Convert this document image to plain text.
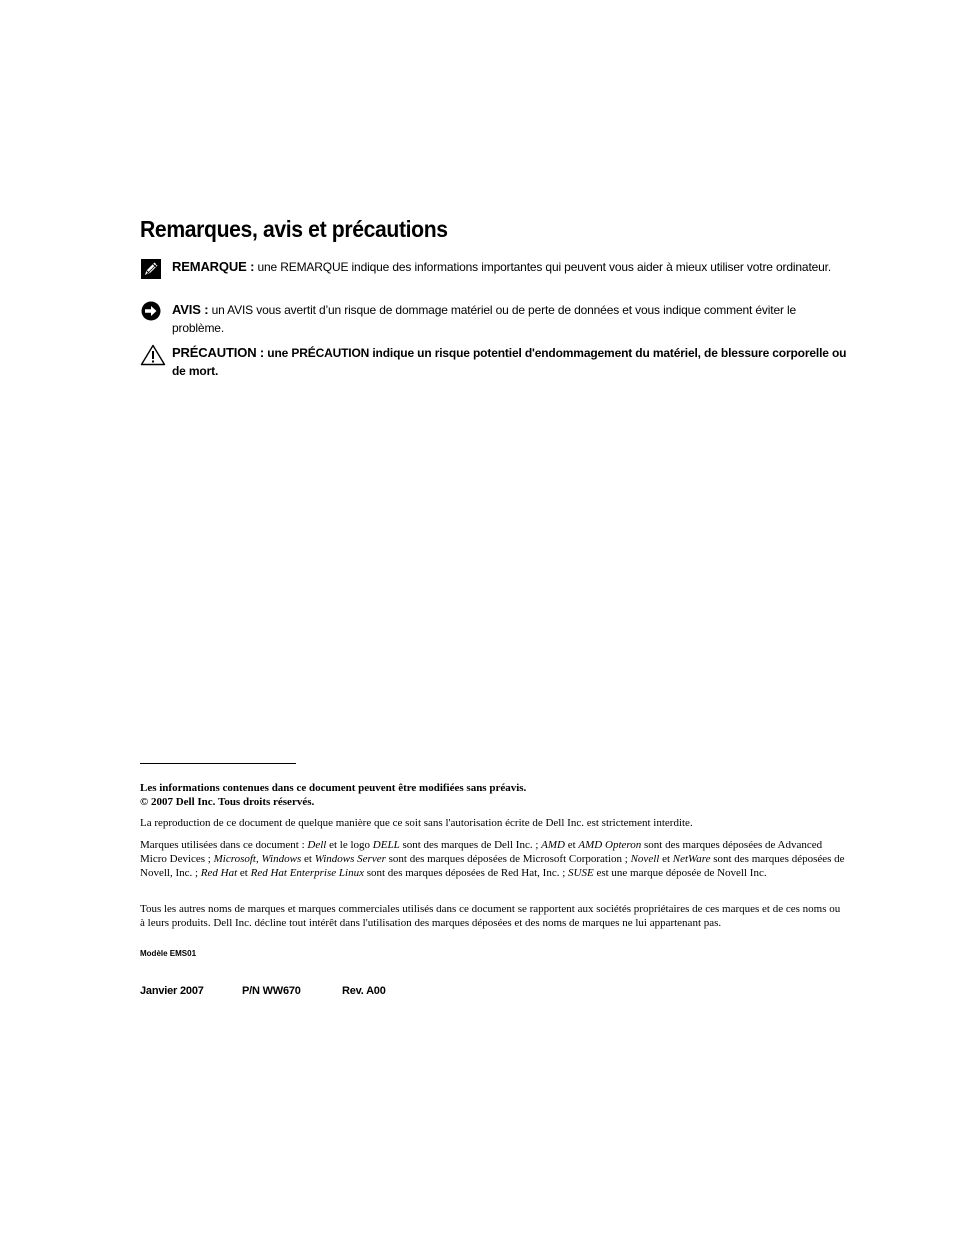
Remarques, avis et précautions
REMARQUE : une REMARQUE indique des informations importantes qui peuvent vous aider à mieux utiliser votre ordinateur.
AVIS : un AVIS vous avertit d’un risque de dommage matériel ou de perte de données et vous indique comment éviter le problème.
PRÉCAUTION : une PRÉCAUTION indique un risque potentiel d'endommagement du matériel, de blessure corporelle ou de mort.

Les informations contenues dans ce document peuvent être modifiées sans préavis.

© 2007 Dell Inc. Tous droits réservés.

La reproduction de ce document de quelque manière que ce soit sans l'autorisation écrite de Dell Inc. est strictement interdite.

Marques utilisées dans ce document : Dell et le logo DELL sont des marques de Dell Inc. ; AMD et AMD Opteron sont des marques déposées de Advanced Micro Devices ; Microsoft, Windows et Windows Server sont des marques déposées de Microsoft Corporation ; Novell et NetWare sont des marques déposées de Novell, Inc. ; Red Hat et Red Hat Enterprise Linux sont des marques déposées de Red Hat, Inc. ; SUSE est une marque déposée de Novell Inc.

Tous les autres noms de marques et marques commerciales utilisés dans ce document se rapportent aux sociétés propriétaires de ces marques et de ces noms ou à leurs produits. Dell Inc. décline tout intérêt dans l'utilisation des marques déposées et des noms de marques ne lui appartenant pas.

Modèle EMS01
Janvier 2007	P/N WW670	Rev. A00
